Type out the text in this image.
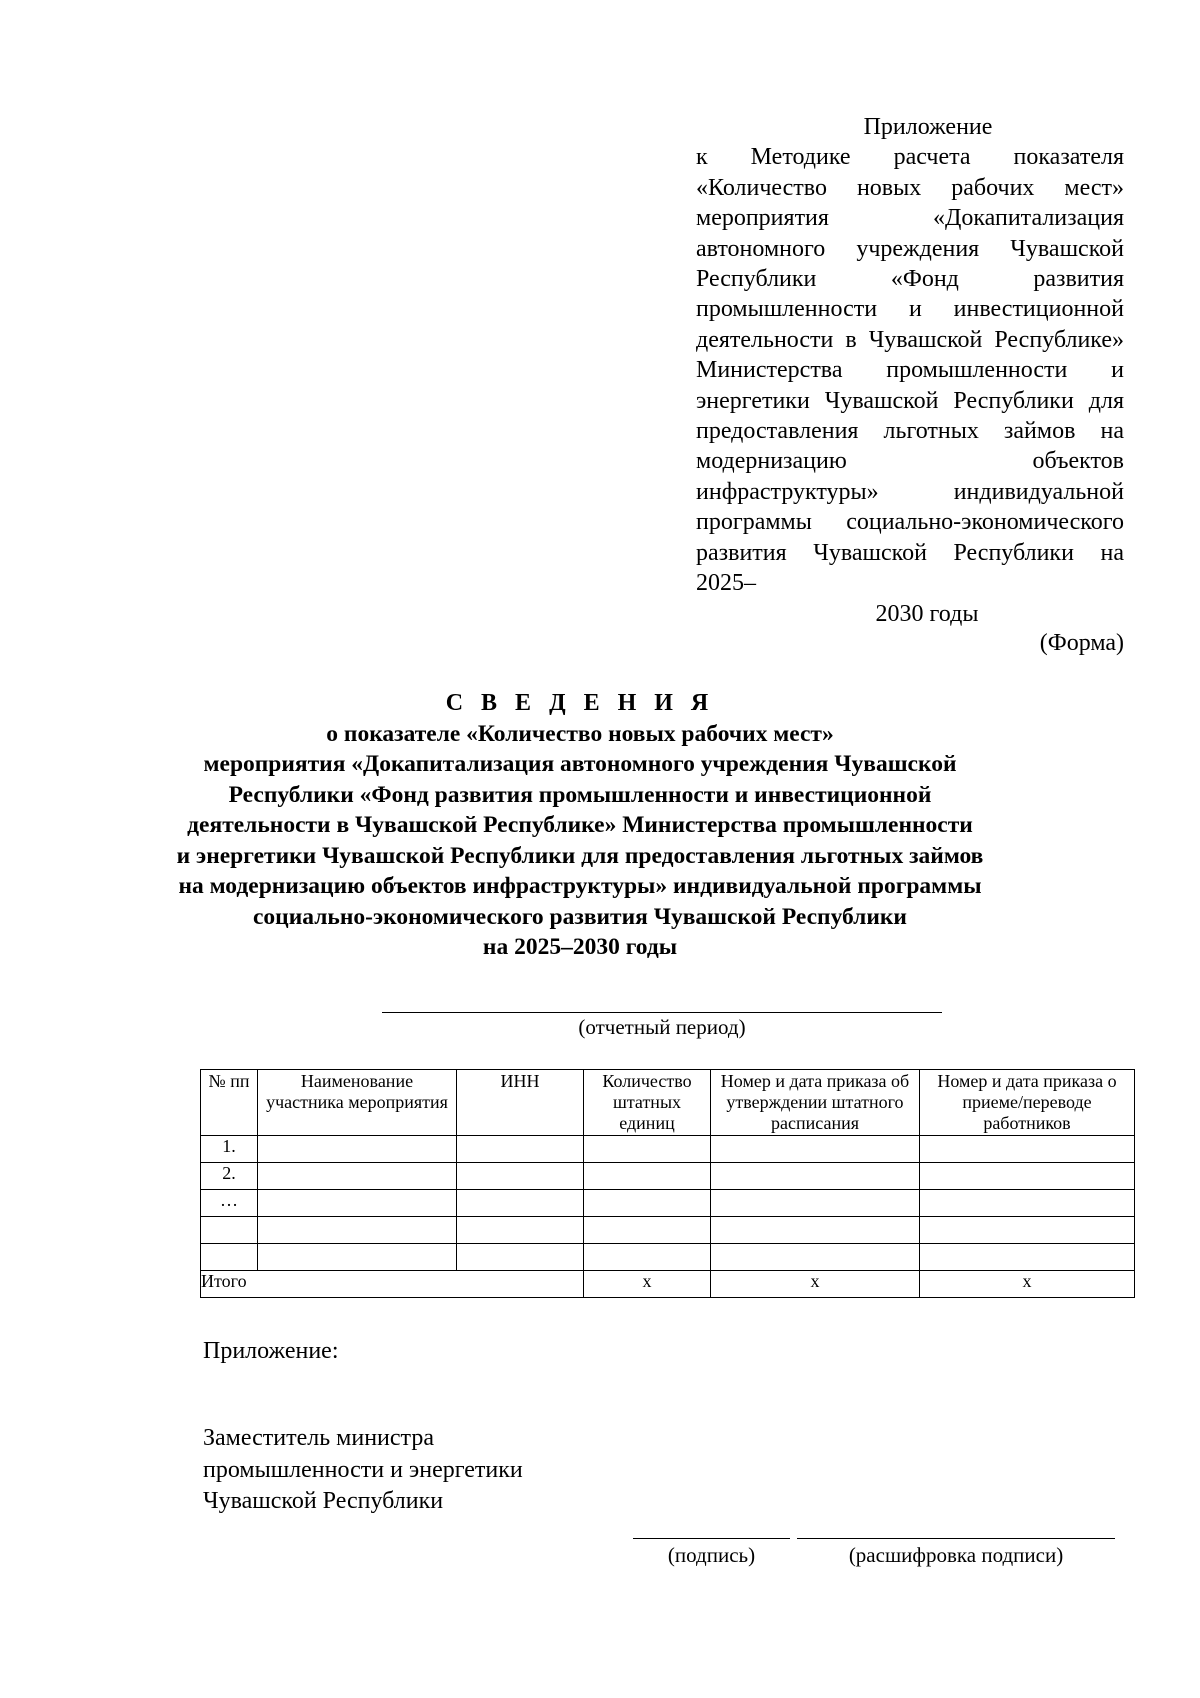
Приложение
к Методике расчета показателя «Количество новых рабочих мест» мероприятия «Докапитализация автономного учреждения Чувашской Республики «Фонд развития промышленности и инвестиционной деятельности в Чувашской Республике» Министерства промышленности и энергетики Чувашской Республики для предоставления льготных займов на модернизацию объектов инфраструктуры» индивидуальной программы социально-экономического развития Чувашской Республики на 2025–
2030 годы
(Форма)
С В Е Д Е Н И Я
о показателе «Количество новых рабочих мест»
мероприятия «Докапитализация автономного учреждения Чувашской
Республики «Фонд развития промышленности и инвестиционной
деятельности в Чувашской Республике» Министерства промышленности
и энергетики Чувашской Республики для предоставления льготных займов
на модернизацию объектов инфраструктуры» индивидуальной программы
социально-экономического развития Чувашской Республики
на 2025–2030 годы
(отчетный период)
№ пп	Наименование участника мероприятия	ИНН	Количество штатных единиц	Номер и дата приказа об утверждении штатного расписания	Номер и дата приказа о приеме/переводе работников
1.					
2.					
…					

Итого			х	х	х
Приложение:
Заместитель министра
промышленности и энергетики
Чувашской Республики
(подпись)	(расшифровка подписи)
